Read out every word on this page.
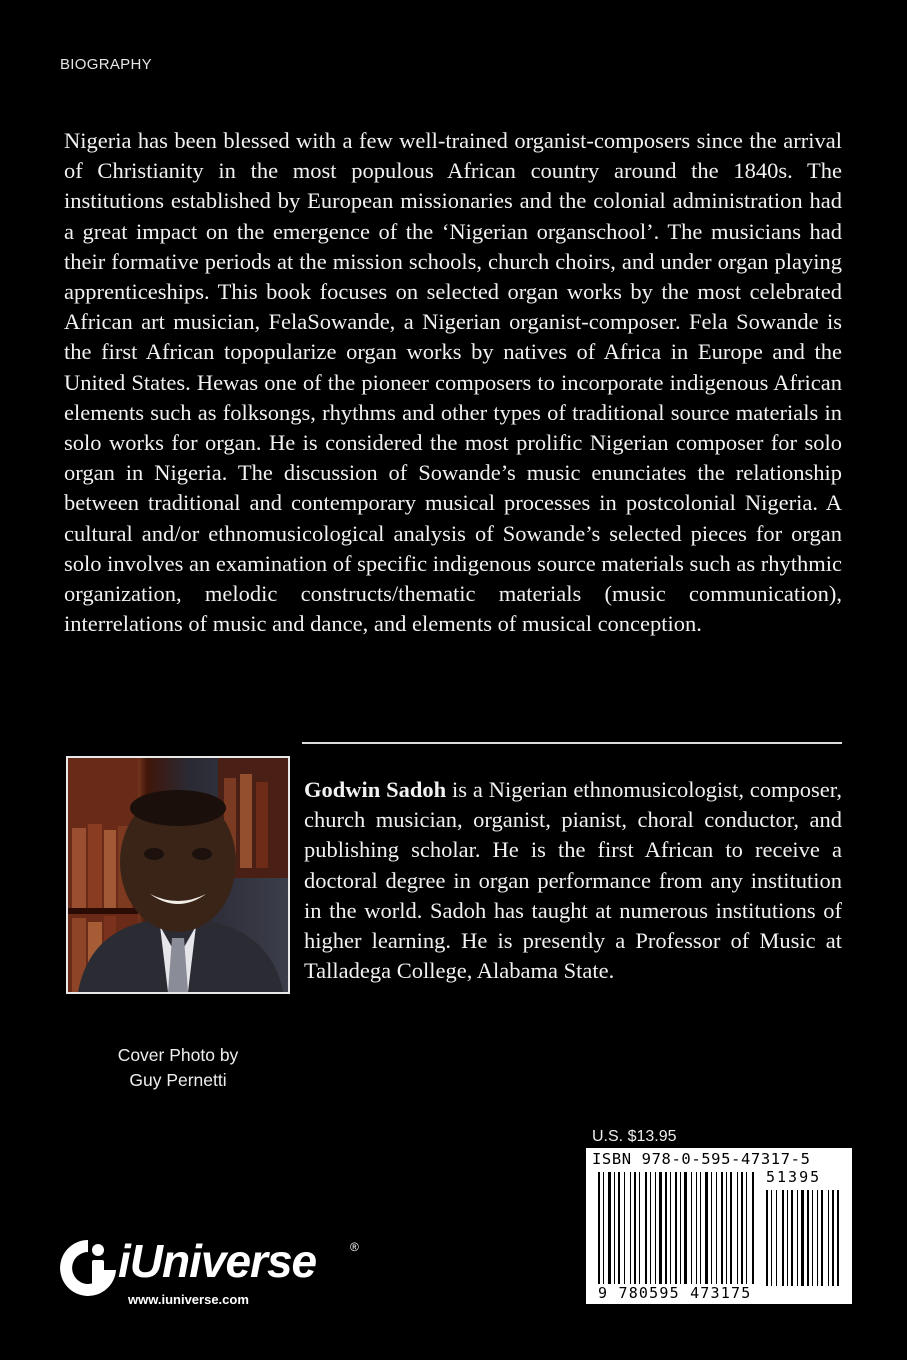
BIOGRAPHY

Nigeria has been blessed with a few well-trained organist-composers since the arrival of Christianity in the most populous African country around the 1840s. The institutions established by European missionaries and the colonial administration had a great impact on the emergence of the ‘Nigerian organschool’. The musicians had their formative periods at the mission schools, church choirs, and under organ playing apprenticeships. This book focuses on selected organ works by the most celebrated African art musician, FelaSowande, a Nigerian organist-composer. Fela Sowande is the first African topopularize organ works by natives of Africa in Europe and the United States. Hewas one of the pioneer composers to incorporate indigenous African elements such as folksongs, rhythms and other types of traditional source materials in solo works for organ. He is considered the most prolific Nigerian composer for solo organ in Nigeria. The discussion of Sowande’s music enunciates the relationship between traditional and contemporary musical processes in postcolonial Nigeria. A cultural and/or ethnomusicological analysis of Sowande’s selected pieces for organ solo involves an examination of specific indigenous source materials such as rhythmic organization, melodic constructs/thematic materials (music communication), interrelations of music and dance, and elements of musical conception.

Godwin Sadoh is a Nigerian ethnomusicologist, composer, church musician, organist, pianist, choral conductor, and publishing scholar. He is the first African to receive a doctoral degree in organ performance from any institution in the world. Sadoh has taught at numerous institutions of higher learning. He is presently a Professor of Music at Talladega College, Alabama State.

Cover Photo by
Guy Pernetti
iUniverse	®
www.iuniverse.com
U.S. $13.95
ISBN 978-0-595-47317-5
51395
9 780595 473175
